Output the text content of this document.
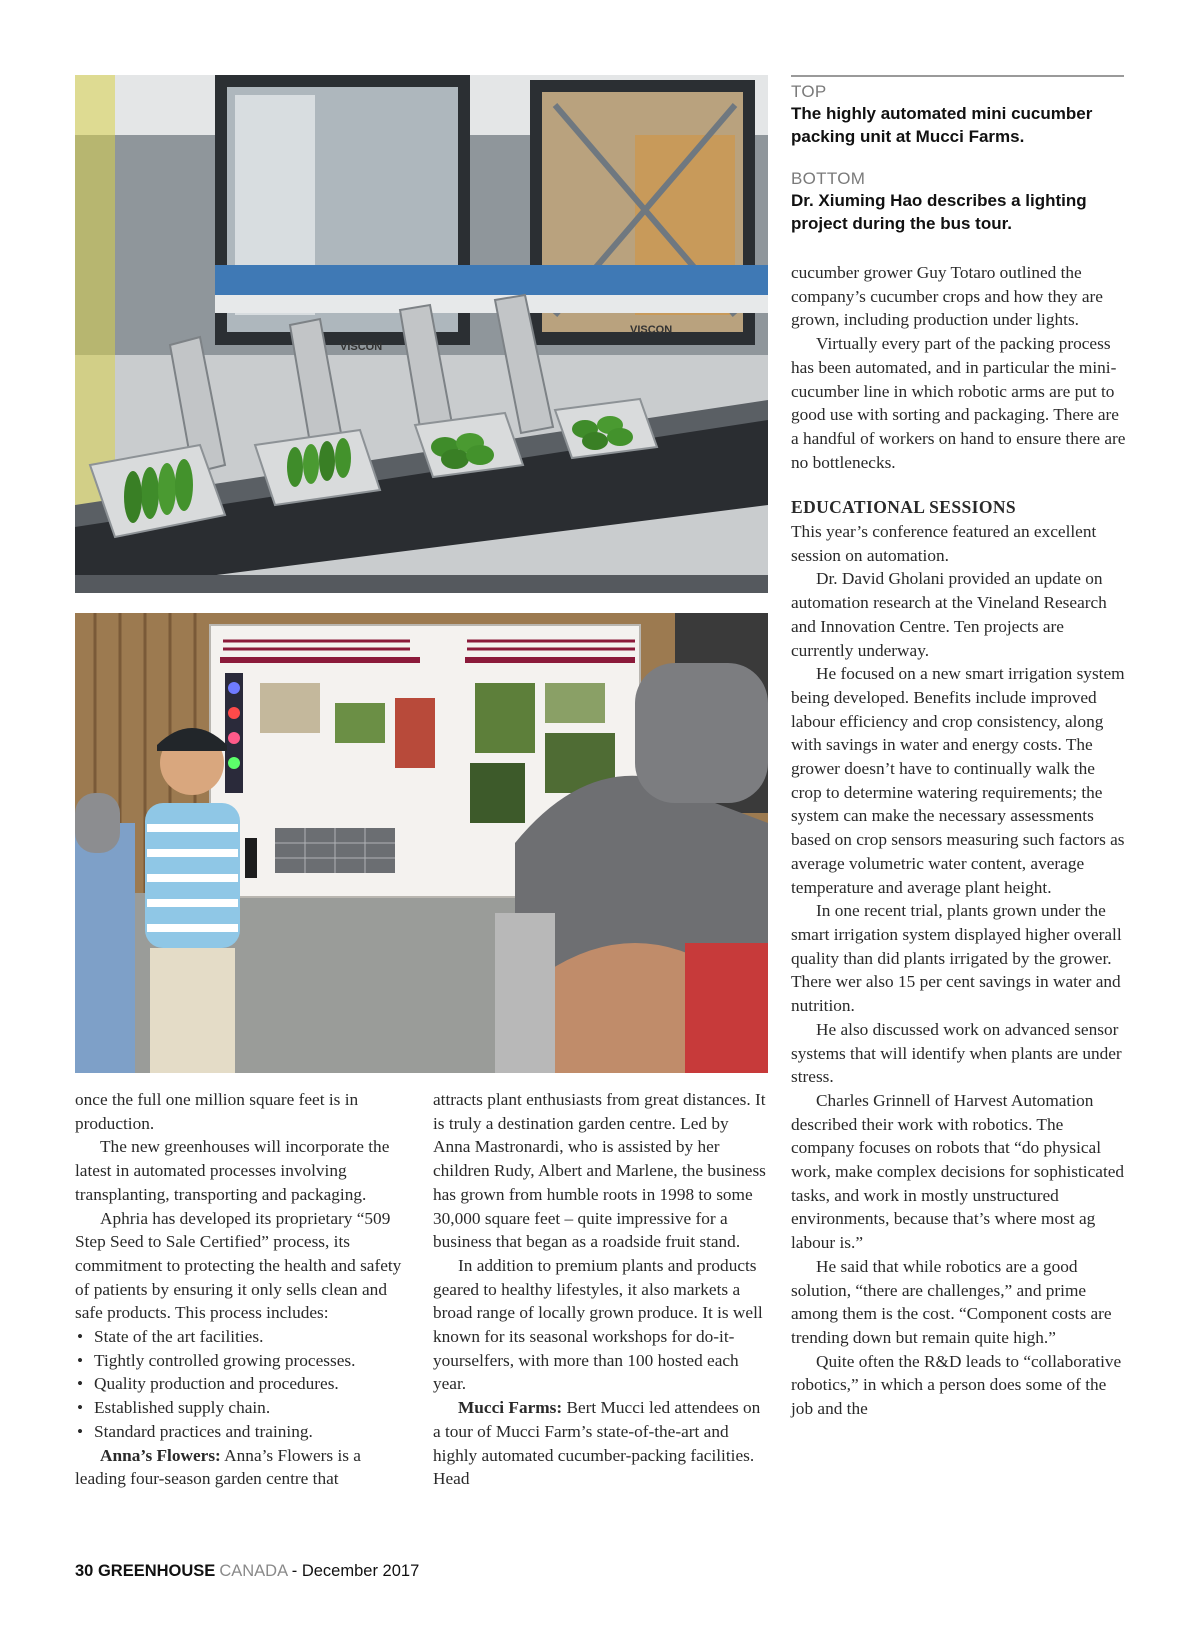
VISCON
VISCON
TOP
The highly automated mini cucumber packing unit at Mucci Farms.
BOTTOM
Dr. Xiuming Hao describes a lighting project during the bus tour.

cucumber grower Guy Totaro outlined the company’s cucumber crops and how they are grown, including production under lights.

Virtually every part of the packing process has been automated, and in particular the mini-cucumber line in which robotic arms are put to good use with sorting and packaging. There are a handful of workers on hand to ensure there are no bottlenecks.

EDUCATIONAL SESSIONS

This year’s conference featured an excellent session on automation.

Dr. David Gholani provided an update on automation research at the Vineland Research and Innovation Centre. Ten projects are currently underway.

He focused on a new smart irrigation system being developed. Benefits include improved labour efficiency and crop consistency, along with savings in water and energy costs. The grower doesn’t have to continually walk the crop to determine watering requirements; the system can make the necessary assessments based on crop sensors measuring such factors as average volumetric water content, average temperature and average plant height.

In one recent trial, plants grown under the smart irrigation system displayed higher overall quality than did plants irrigated by the grower. There wer also 15 per cent savings in water and nutrition.

He also discussed work on advanced sensor systems that will identify when plants are under stress.

Charles Grinnell of Harvest Automation described their work with robotics. The company focuses on robots that “do physical work, make complex decisions for sophisticated tasks, and work in mostly unstructured environments, because that’s where most ag labour is.”

He said that while robotics are a good solution, “there are challenges,” and prime among them is the cost. “Component costs are trending down but remain quite high.”

Quite often the R&D leads to “collaborative robotics,” in which a person does some of the job and the

once the full one million square feet is in production.

The new greenhouses will incorporate the latest in automated processes involving transplanting, transporting and packaging.

Aphria has developed its proprietary “509 Step Seed to Sale Certified” process, its commitment to protecting the health and safety of patients by ensuring it only sells clean and safe products. This process includes:

• State of the art facilities.
• Tightly controlled growing processes.
• Quality production and procedures.
• Established supply chain.
• Standard practices and training.

Anna’s Flowers: Anna’s Flowers is a leading four-season garden centre that

attracts plant enthusiasts from great distances. It is truly a destination garden centre. Led by Anna Mastronardi, who is assisted by her children Rudy, Albert and Marlene, the business has grown from humble roots in 1998 to some 30,000 square feet – quite impressive for a business that began as a roadside fruit stand.

In addition to premium plants and products geared to healthy lifestyles, it also markets a broad range of locally grown produce. It is well known for its seasonal workshops for do-it-yourselfers, with more than 100 hosted each year.

Mucci Farms: Bert Mucci led attendees on a tour of Mucci Farm’s state-of-the-art and highly automated cucumber-packing facilities. Head

30 GREENHOUSE CANADA - December 2017
